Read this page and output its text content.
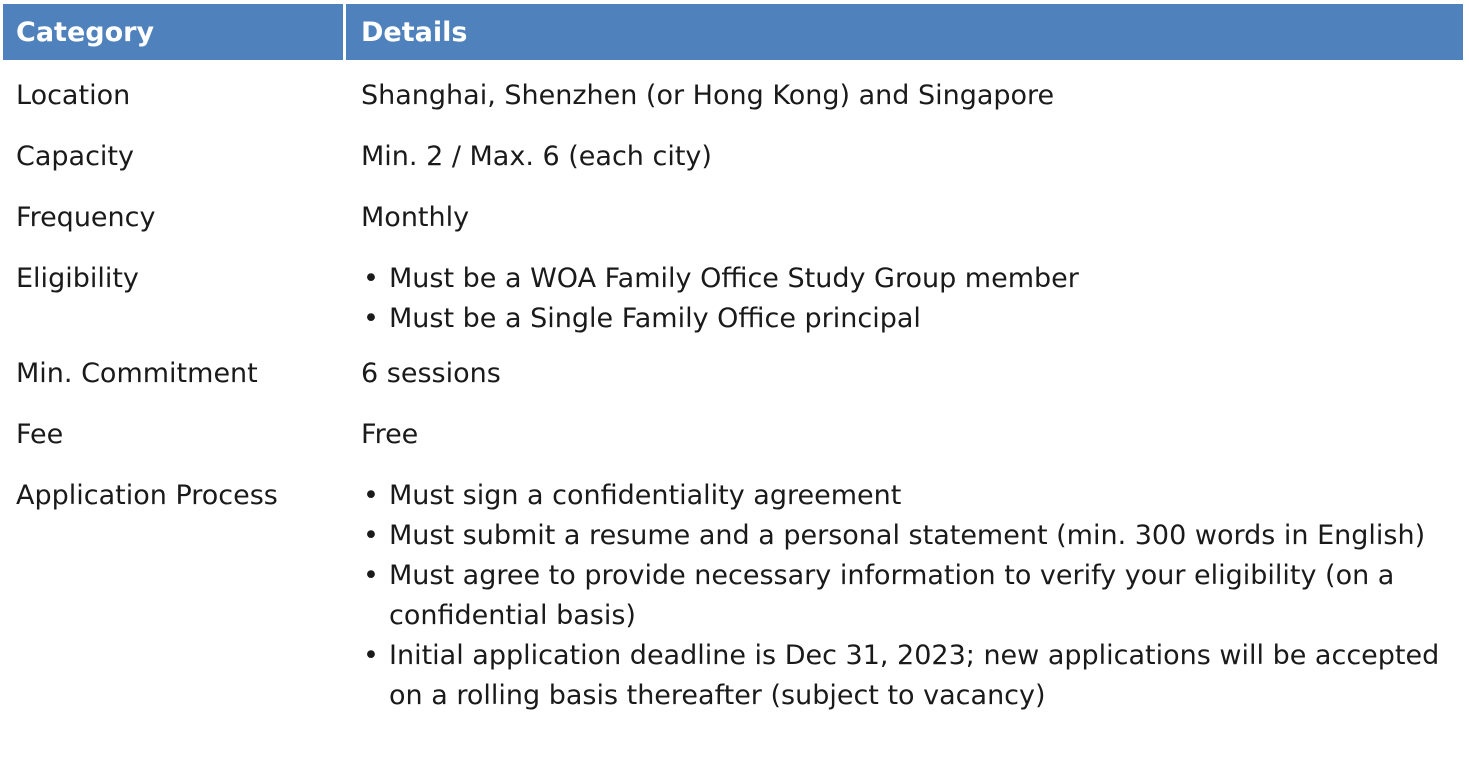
Category	Details
Location	Shanghai, Shenzhen (or Hong Kong) and Singapore
Capacity	Min. 2 / Max. 6 (each city)
Frequency	Monthly
Eligibility	• Must be a WOA Family Office Study Group member
• Must be a Single Family Office principal
Min. Commitment	6 sessions
Fee	Free
Application Process	• Must sign a confidentiality agreement
• Must submit a resume and a personal statement (min. 300 words in English)
• Must agree to provide necessary information to verify your eligibility (on a confidential basis)
• Initial application deadline is Dec 31, 2023; new applications will be accepted on a rolling basis thereafter (subject to vacancy)
